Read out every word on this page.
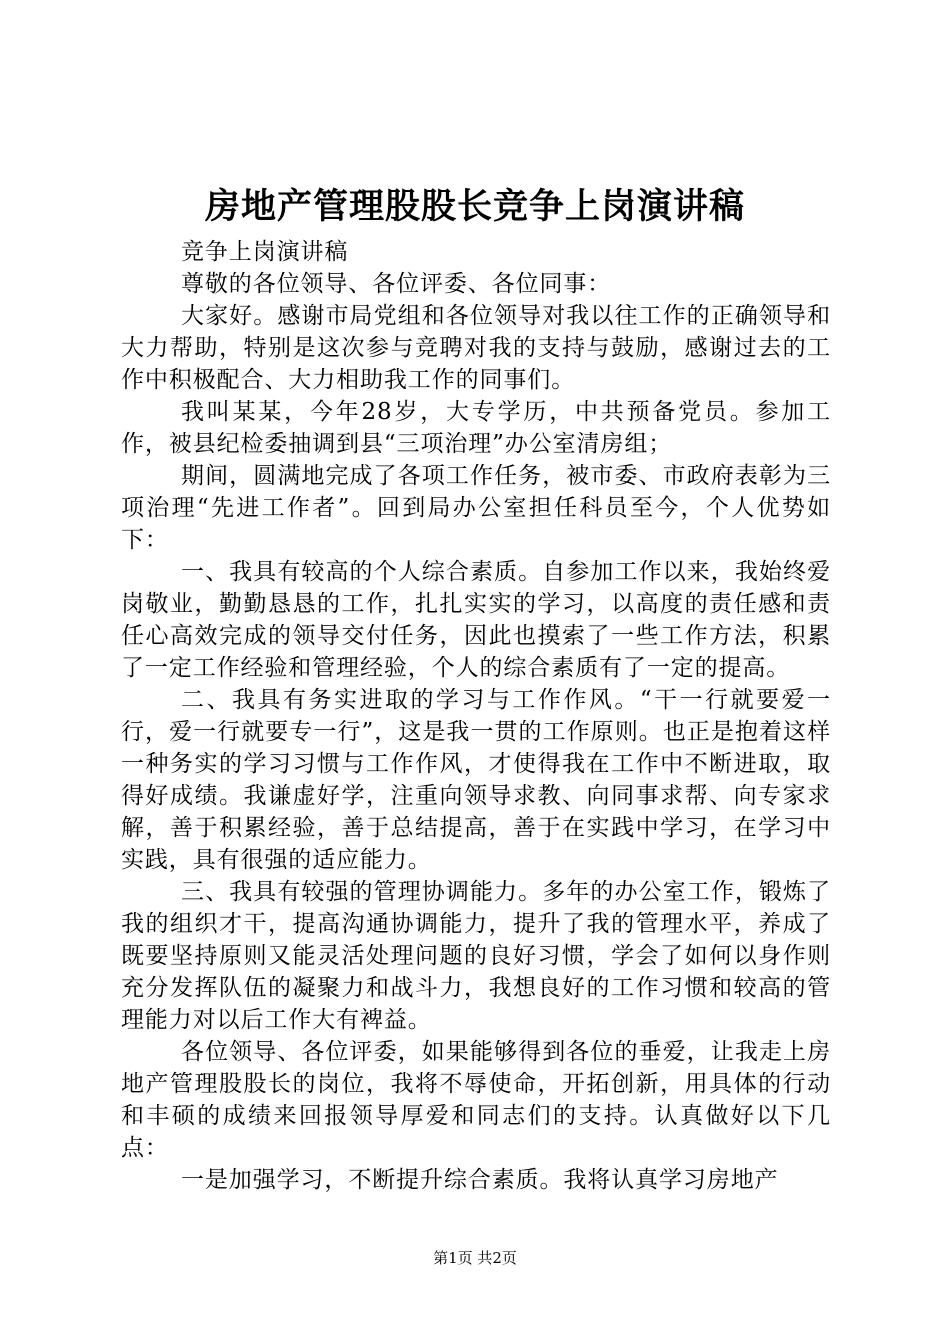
房地产管理股股长竞争上岗演讲稿

竞争上岗演讲稿

尊敬的各位领导、各位评委、各位同事：

大家好。感谢市局党组和各位领导对我以往工作的正确领导和大力帮助，特别是这次参与竞聘对我的支持与鼓励，感谢过去的工作中积极配合、大力相助我工作的同事们。

我叫某某，今年28岁，大专学历，中共预备党员。参加工作，被县纪检委抽调到县“三项治理”办公室清房组；

期间，圆满地完成了各项工作任务，被市委、市政府表彰为三项治理“先进工作者”。回到局办公室担任科员至今，个人优势如下：

一、我具有较高的个人综合素质。自参加工作以来，我始终爱岗敬业，勤勤恳恳的工作，扎扎实实的学习，以高度的责任感和责任心高效完成的领导交付任务，因此也摸索了一些工作方法，积累了一定工作经验和管理经验，个人的综合素质有了一定的提高。

二、我具有务实进取的学习与工作作风。“干一行就要爱一行，爱一行就要专一行”，这是我一贯的工作原则。也正是抱着这样一种务实的学习习惯与工作作风，才使得我在工作中不断进取，取得好成绩。我谦虚好学，注重向领导求教、向同事求帮、向专家求解，善于积累经验，善于总结提高，善于在实践中学习，在学习中实践，具有很强的适应能力。

三、我具有较强的管理协调能力。多年的办公室工作，锻炼了我的组织才干，提高沟通协调能力，提升了我的管理水平，养成了既要坚持原则又能灵活处理问题的良好习惯，学会了如何以身作则充分发挥队伍的凝聚力和战斗力，我想良好的工作习惯和较高的管理能力对以后工作大有裨益。

各位领导、各位评委，如果能够得到各位的垂爱，让我走上房地产管理股股长的岗位，我将不辱使命，开拓创新，用具体的行动和丰硕的成绩来回报领导厚爱和同志们的支持。认真做好以下几点：

一是加强学习，不断提升综合素质。我将认真学习房地产

第1页 共2页
